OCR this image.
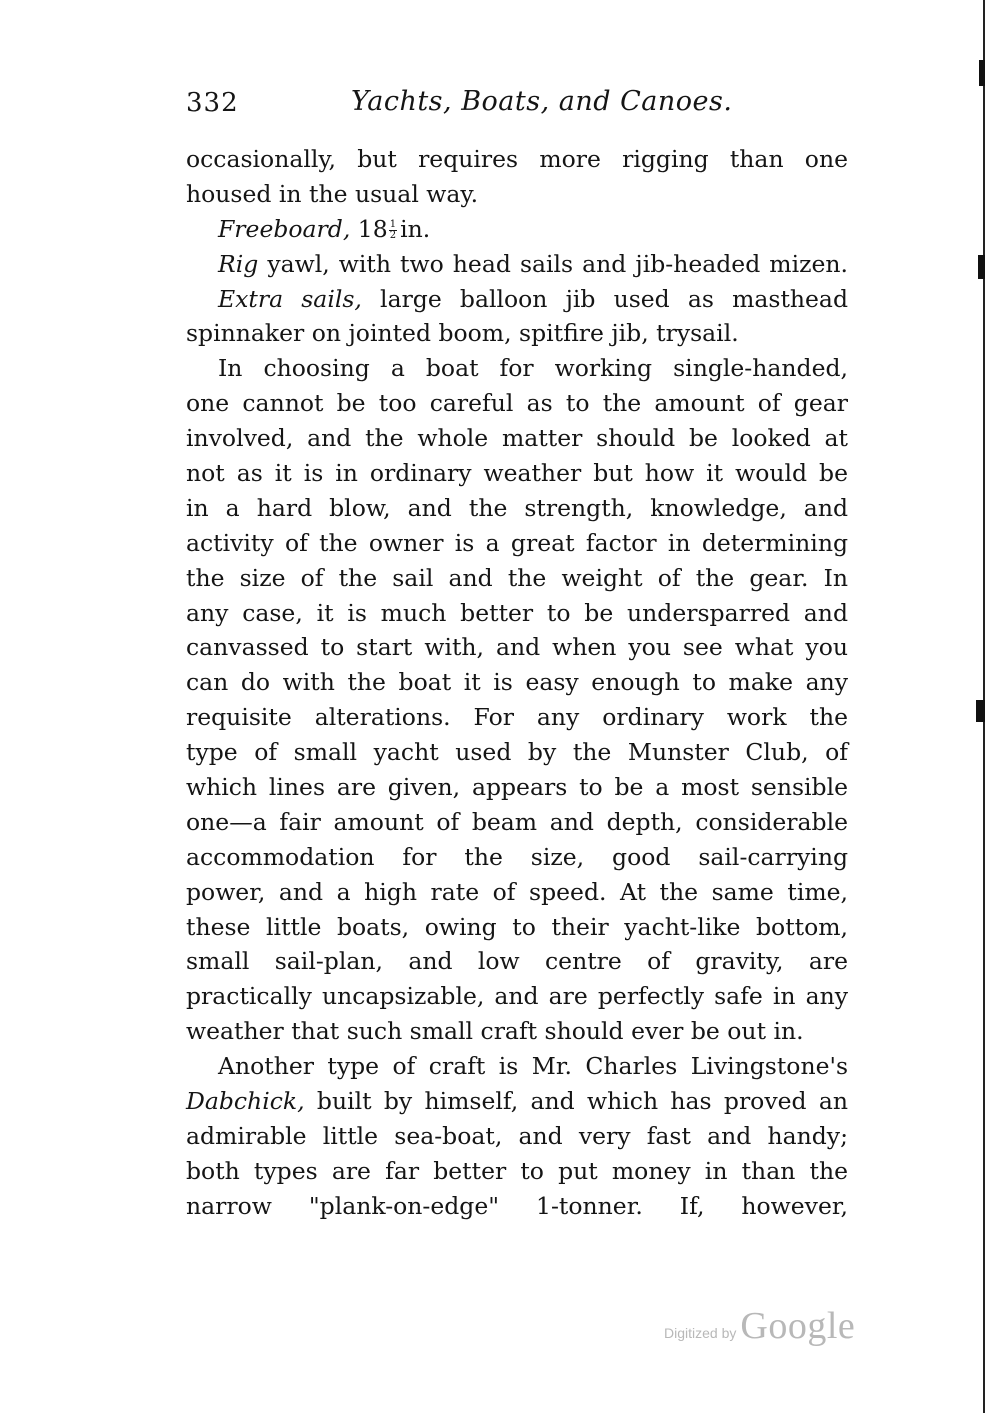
332	Yachts, Boats, and Canoes.
occasionally, but requires more rigging than one
housed in the usual way.
Freeboard, $18 \frac{1}{2}$ in.
Rig yawl, with two head sails and jib-headed mizen.
Extra sails, large balloon jib used as masthead
spinnaker on jointed boom, spitfire jib, trysail.
In choosing a boat for working single-handed,
one cannot be too careful as to the amount of gear
involved, and the whole matter should be looked at
not as it is in ordinary weather but how it would be
in a hard blow, and the strength, knowledge, and
activity of the owner is a great factor in determining
the size of the sail and the weight of the gear. In
any case, it is much better to be undersparred and
canvassed to start with, and when you see what you
can do with the boat it is easy enough to make any
requisite alterations. For any ordinary work the
type of small yacht used by the Munster Club, of
which lines are given, appears to be a most sensible
one—a fair amount of beam and depth, considerable
accommodation for the size, good sail-carrying
power, and a high rate of speed. At the same time,
these little boats, owing to their yacht-like bottom,
small sail-plan, and low centre of gravity, are
practically uncapsizable, and are perfectly safe in any
weather that such small craft should ever be out in.
Another type of craft is Mr. Charles Livingstone's
Dabchick, built by himself, and which has proved an
admirable little sea-boat, and very fast and handy;
both types are far better to put money in than the
narrow "plank-on-edge" 1-tonner. If, however,
Digitized by Google
